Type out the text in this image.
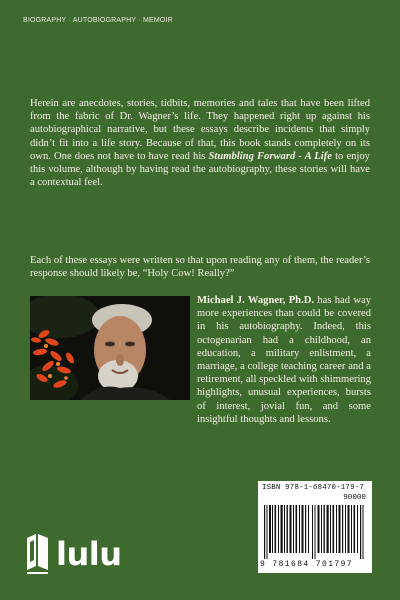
BIOGRAPHY · AUTOBIOGRAPHY · MEMOIR

Herein are anecdotes, stories, tidbits, memories and tales that have been lifted from the fabric of Dr. Wagner’s life. They happened right up against his autobiographical narrative, but these essays describe incidents that simply didn’t fit into a life story. Because of that, this book stands completely on its own. One does not have to have read his Stumbling Forward - A Life to enjoy this volume, although by having read the autobiography, these stories will have a contextual feel.

Each of these essays were written so that upon reading any of them, the reader’s response should likely be, “Holy Cow! Really?”

Michael J. Wagner, Ph.D. has had way more experiences than could be covered in his autobiography. Indeed, this octogenarian had a childhood, an education, a military enlistment, a marriage, a college teaching career and a retirement, all speckled with shimmering highlights, unusual experiences, bursts of interest, jovial fun, and some insightful thoughts and lessons.

ISBN 978-1-68470-179-7
90000
9 781684 701797
lulu
